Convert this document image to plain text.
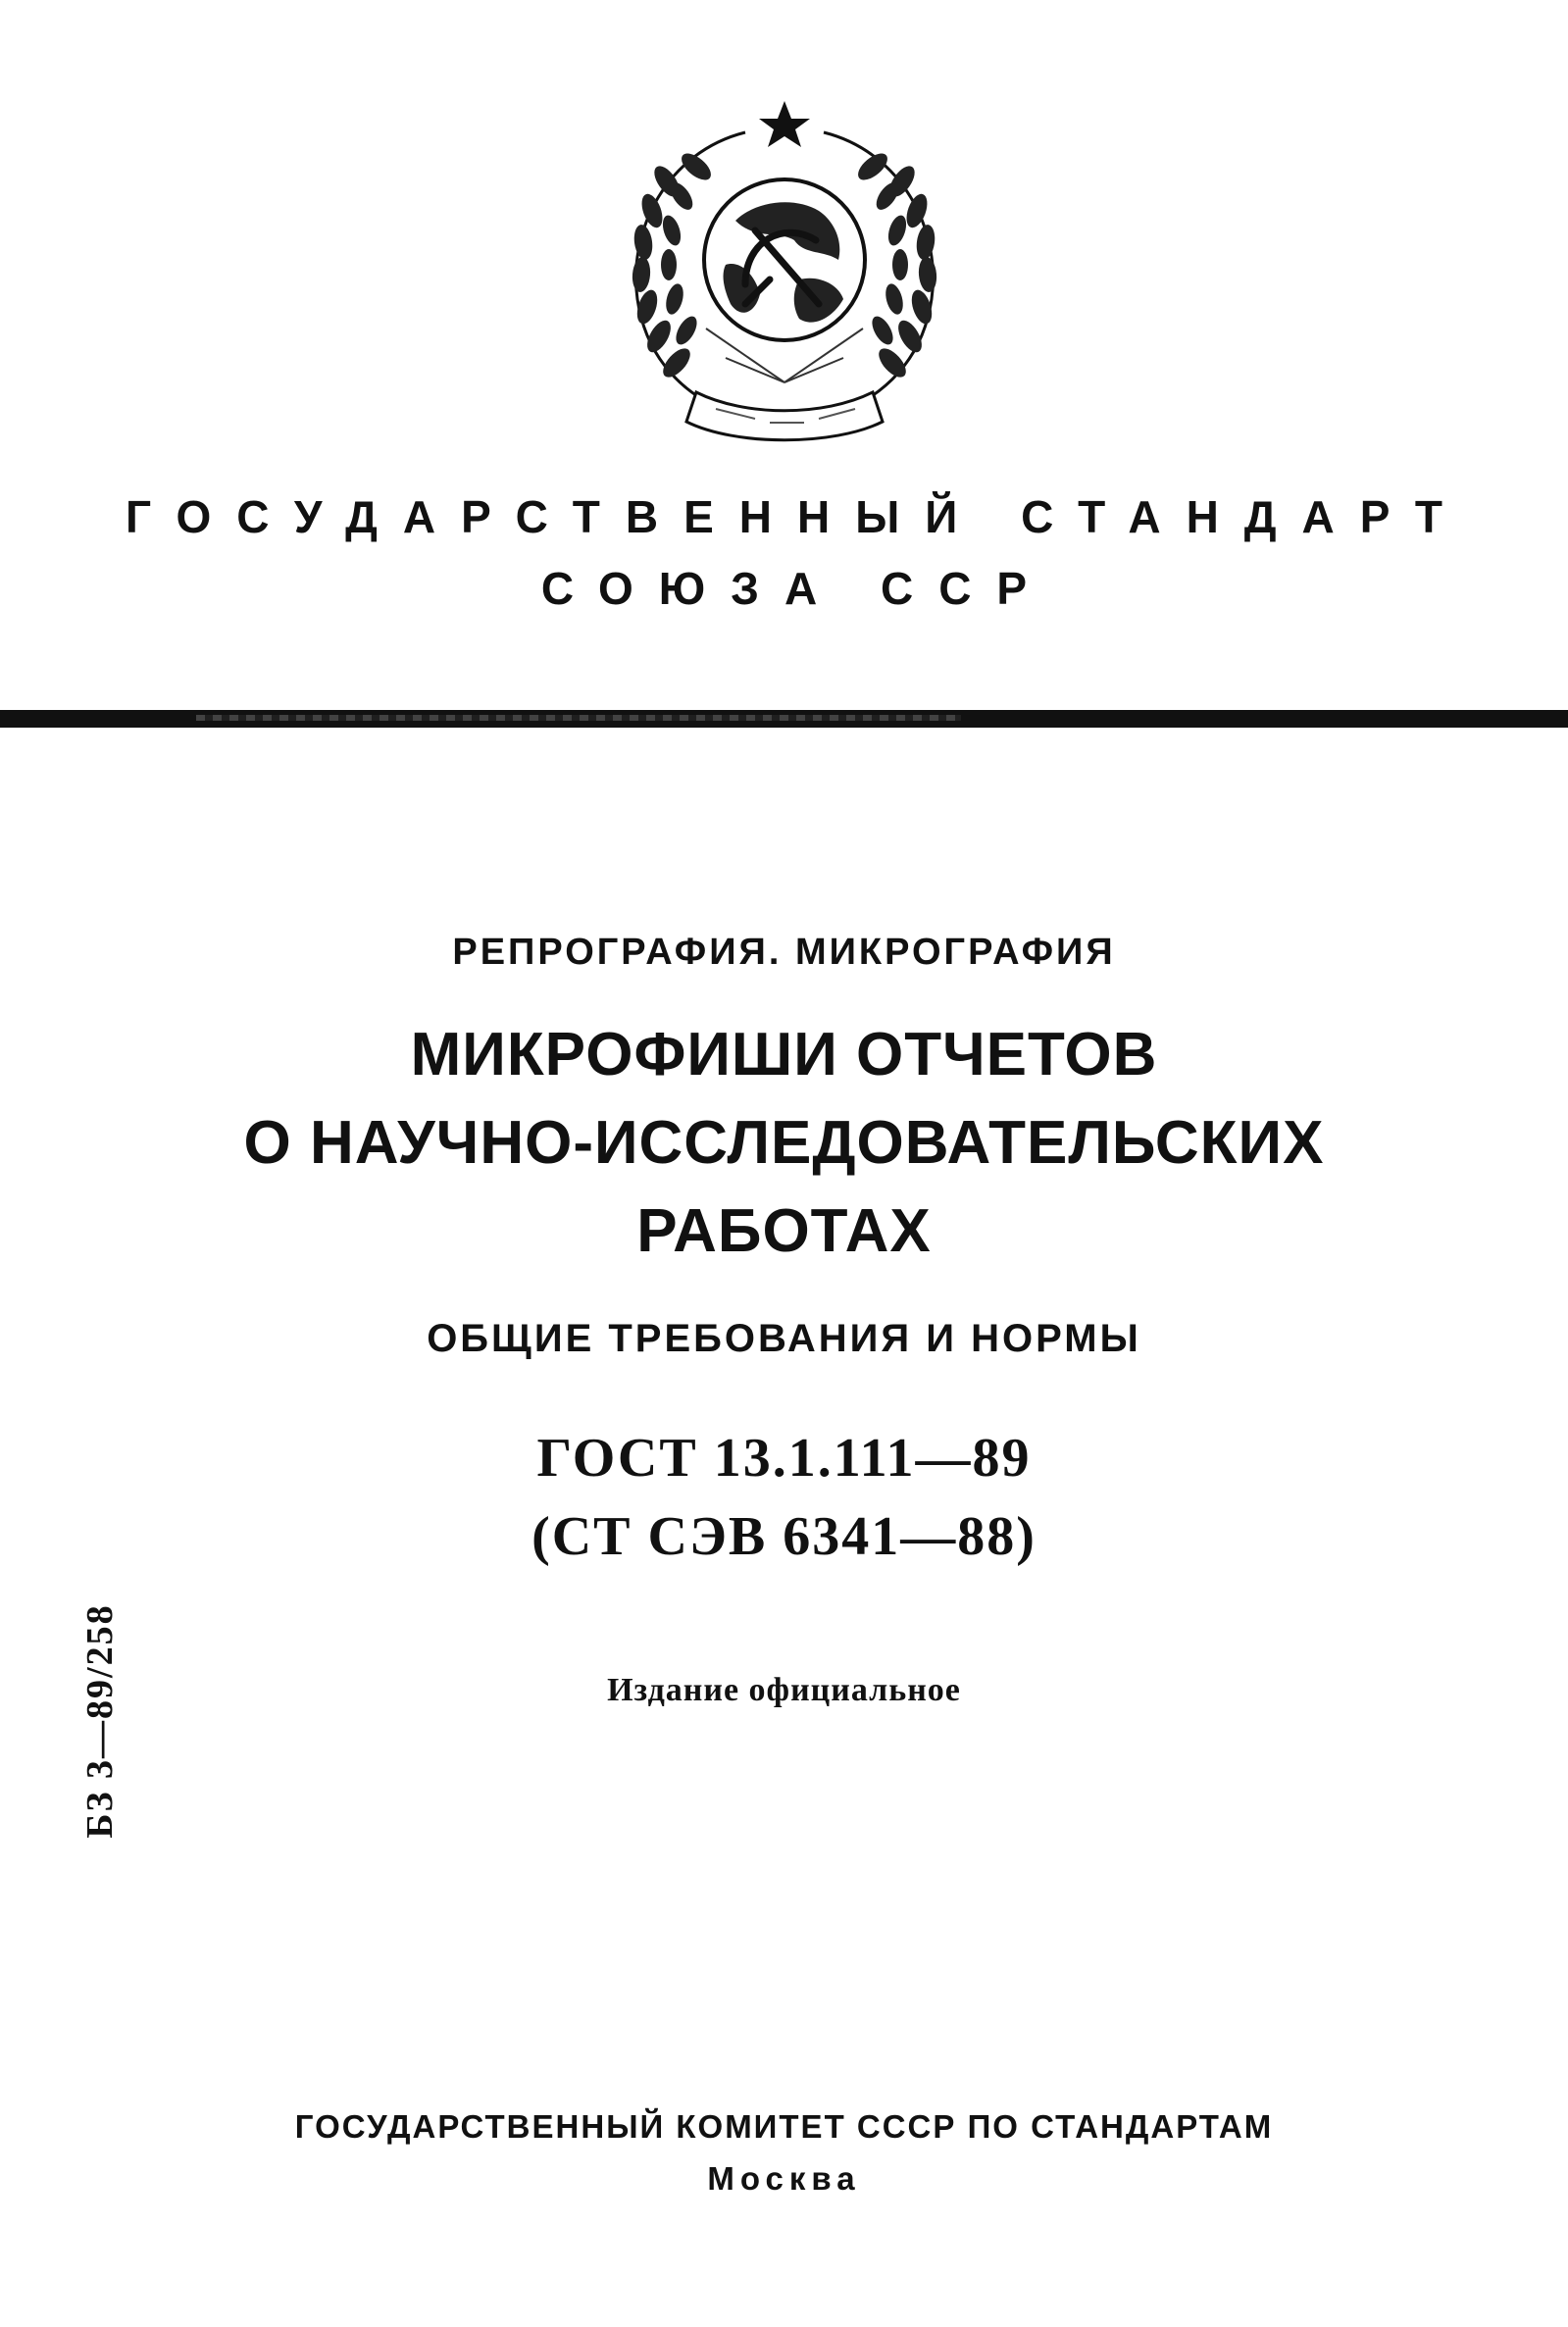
ГОСУДАРСТВЕННЫЙ СТАНДАРТ
СОЮЗА ССР
РЕПРОГРАФИЯ. МИКРОГРАФИЯ
МИКРОФИШИ ОТЧЕТОВ
О НАУЧНО-ИССЛЕДОВАТЕЛЬСКИХ
РАБОТАХ
ОБЩИЕ ТРЕБОВАНИЯ И НОРМЫ
ГОСТ 13.1.111—89
(СТ СЭВ 6341—88)
Издание официальное
БЗ 3—89/258
ГОСУДАРСТВЕННЫЙ КОМИТЕТ СССР ПО СТАНДАРТАМ
Москва
